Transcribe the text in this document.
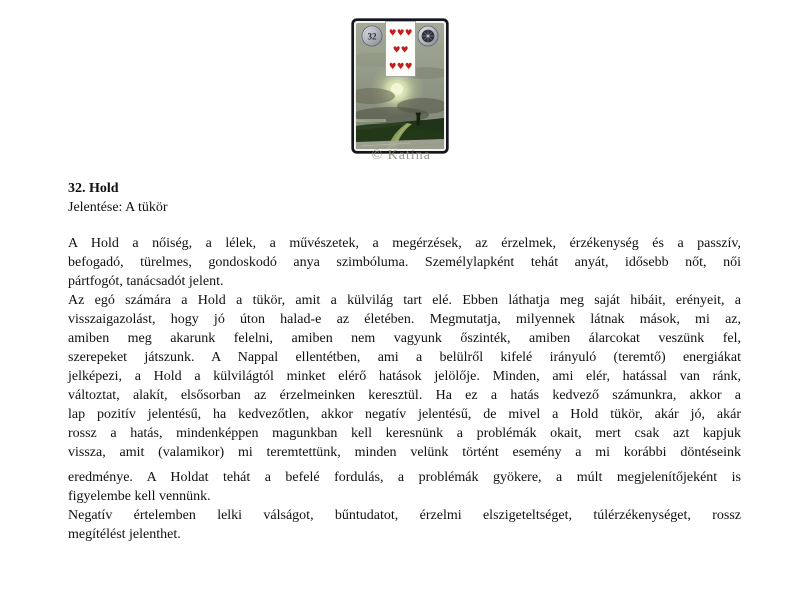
32 ♥ ♥ ♥
♥ ♥
♥ ♥ ♥
© Katina
32. Hold
Jelentése: A tükör
A Hold a nőiség, a lélek, a művészetek, a megérzések, az érzelmek, érzékenység és a passzív,
befogadó, türelmes, gondoskodó anya szimbóluma. Személylapként tehát anyát, idősebb nőt, női
pártfogót, tanácsadót jelent.
Az egó számára a Hold a tükör, amit a külvilág tart elé. Ebben láthatja meg saját hibáit, erényeit, a
visszaigazolást, hogy jó úton halad-e az életében. Megmutatja, milyennek látnak mások, mi az,
amiben meg akarunk felelni, amiben nem vagyunk őszinték, amiben álarcokat veszünk fel,
szerepeket játszunk. A Nappal ellentétben, ami a belülről kifelé irányuló (teremtő) energiákat
jelképezi, a Hold a külvilágtól minket elérő hatások jelölője. Minden, ami elér, hatással van ránk,
változtat, alakít, elsősorban az érzelmeinken keresztül. Ha ez a hatás kedvező számunkra, akkor a
lap pozitív jelentésű, ha kedvezőtlen, akkor negatív jelentésű, de mivel a Hold tükör, akár jó, akár
rossz a hatás, mindenképpen magunkban kell keresnünk a problémák okait, mert csak azt kapjuk
vissza, amit (valamikor) mi teremtettünk, minden velünk történt esemény a mi korábbi döntéseink
eredménye. A Holdat tehát a befelé fordulás, a problémák gyökere, a múlt megjelenítőjeként is
figyelembe kell vennünk.
Negatív értelemben lelki válságot, bűntudatot, érzelmi elszigeteltséget, túlérzékenységet, rossz
megítélést jelenthet.
